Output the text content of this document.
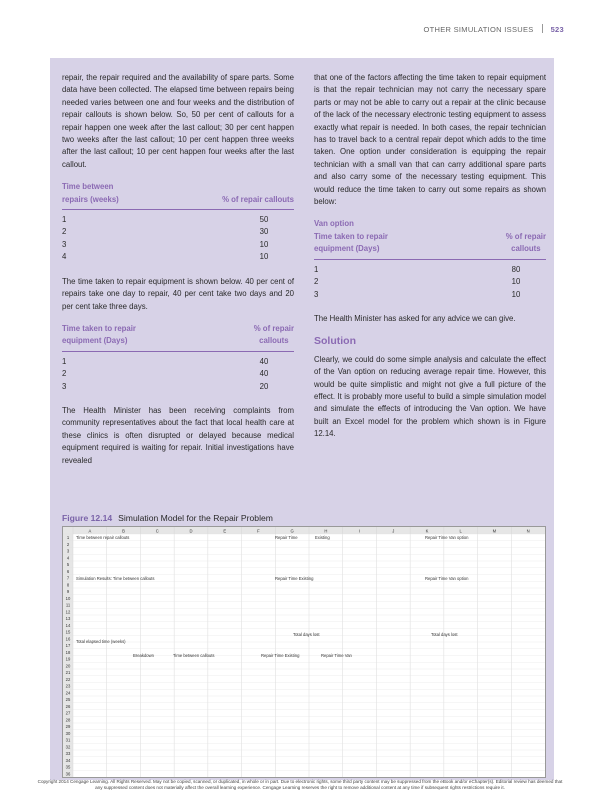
OTHER SIMULATION ISSUES 523

repair, the repair required and the availability of spare parts. Some data have been collected. The elapsed time between repairs being needed varies between one and four weeks and the distribution of repair callouts is shown below. So, 50 per cent of callouts for a repair happen one week after the last callout; 30 per cent happen two weeks after the last callout; 10 per cent happen three weeks after the last callout; 10 per cent happen four weeks after the last callout.

Time between
repairs (weeks)	% of repair callouts
1	50
2	30
3	10
4	10

The time taken to repair equipment is shown below. 40 per cent of repairs take one day to repair, 40 per cent take two days and 20 per cent take three days.

Time taken to repair
equipment (Days)
% of repair
callouts
1	40
2	40
3	20

The Health Minister has been receiving complaints from community representatives about the fact that local health care at these clinics is often disrupted or delayed because medical equipment required is waiting for repair. Initial investigations have revealed

that one of the factors affecting the time taken to repair equipment is that the repair technician may not carry the necessary spare parts or may not be able to carry out a repair at the clinic because of the lack of the necessary electronic testing equipment to assess exactly what repair is needed. In both cases, the repair technician has to travel back to a central repair depot which adds to the time taken. One option under consideration is equipping the repair technician with a small van that can carry additional spare parts and also carry some of the necessary testing equipment. This would reduce the time taken to carry out some repairs as shown below:

Van option
Time taken to repair
equipment (Days)
% of repair
callouts
1	80
2	10
3	10

The Health Minister has asked for any advice we can give.

Solution

Clearly, we could do some simple analysis and calculate the effect of the Van option on reducing average repair time. However, this would be quite simplistic and might not give a full picture of the effect. It is probably more useful to build a simple simulation model and simulate the effects of introducing the Van option. We have built an Excel model for the problem which shown is in Figure 12.14.

Figure 12.14 Simulation Model for the Repair Problem
A	B	C	D	E	F	G	H	I	J	K	L	M	N
1
2
3
4
5
6
7
8
9
10
11
12
13
14
15
16
17
18
19
20
21
22
23
24
25
26
27
28
29
30
31
32
33
34
35
36
Time between repair callouts	Repair Time	Existing	Repair Time Van option
Simulation Results: Time between callouts	Repair Time Existing	Repair Time Van option
Total days lost	Total days lost
Total elapsed time (weeks)
Breakdown	Time between callouts	Repair Time Existing	Repair Time Van
Copyright 2014 Cengage Learning. All Rights Reserved. May not be copied, scanned, or duplicated, in whole or in part. Due to electronic rights, some third party content may be suppressed from the eBook and/or eChapter(s). Editorial review has deemed that any suppressed content does not materially affect the overall learning experience. Cengage Learning reserves the right to remove additional content at any time if subsequent rights restrictions require it.
